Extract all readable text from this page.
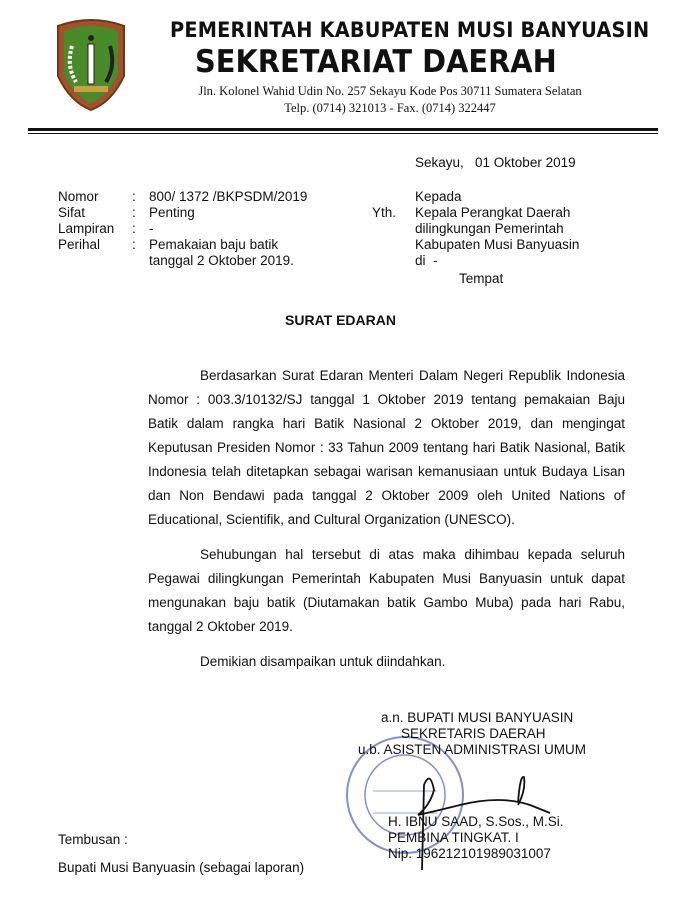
PEMERINTAH KABUPATEN MUSI BANYUASIN
SEKRETARIAT DAERAH
Jln. Kolonel Wahid Udin No. 257 Sekayu Kode Pos 30711 Sumatera Selatan
Telp. (0714) 321013 - Fax. (0714) 322447
Sekayu,   01 Oktober 2019
Nomor
Sifat
Lampiran
Perihal
:
:
:
:
800/ 1372 /BKPSDM/2019
Penting
-
Pemakaian baju batik
tanggal 2 Oktober 2019.
Kepada
Yth. Kepala Perangkat Daerah
dilingkungan Pemerintah
Kabupaten Musi Banyuasin
di  -
Tempat
SURAT EDARAN
Berdasarkan Surat Edaran Menteri Dalam Negeri Republik Indonesia
Nomor : 003.3/10132/SJ tanggal 1 Oktober 2019 tentang pemakaian Baju
Batik dalam rangka hari Batik Nasional 2 Oktober 2019, dan mengingat
Keputusan Presiden Nomor : 33 Tahun 2009 tentang hari Batik Nasional, Batik
Indonesia telah ditetapkan sebagai warisan kemanusiaan untuk Budaya Lisan
dan Non Bendawi pada tanggal 2 Oktober 2009 oleh United Nations of
Educational, Scientifik, and Cultural Organization (UNESCO).
Sehubungan hal tersebut di atas maka dihimbau kepada seluruh
Pegawai dilingkungan Pemerintah Kabupaten Musi Banyuasin untuk dapat
mengunakan baju batik (Diutamakan batik Gambo Muba) pada hari Rabu,
tanggal 2 Oktober 2019.
Demikian disampaikan untuk diindahkan.
a.n. BUPATI MUSI BANYUASIN
SEKRETARIS DAERAH
u.b. ASISTEN ADMINISTRASI UMUM
H. IBNU SAAD, S.Sos., M.Si.
PEMBINA TINGKAT. I
Nip. 196212101989031007
Tembusan :
Bupati Musi Banyuasin (sebagai laporan)
